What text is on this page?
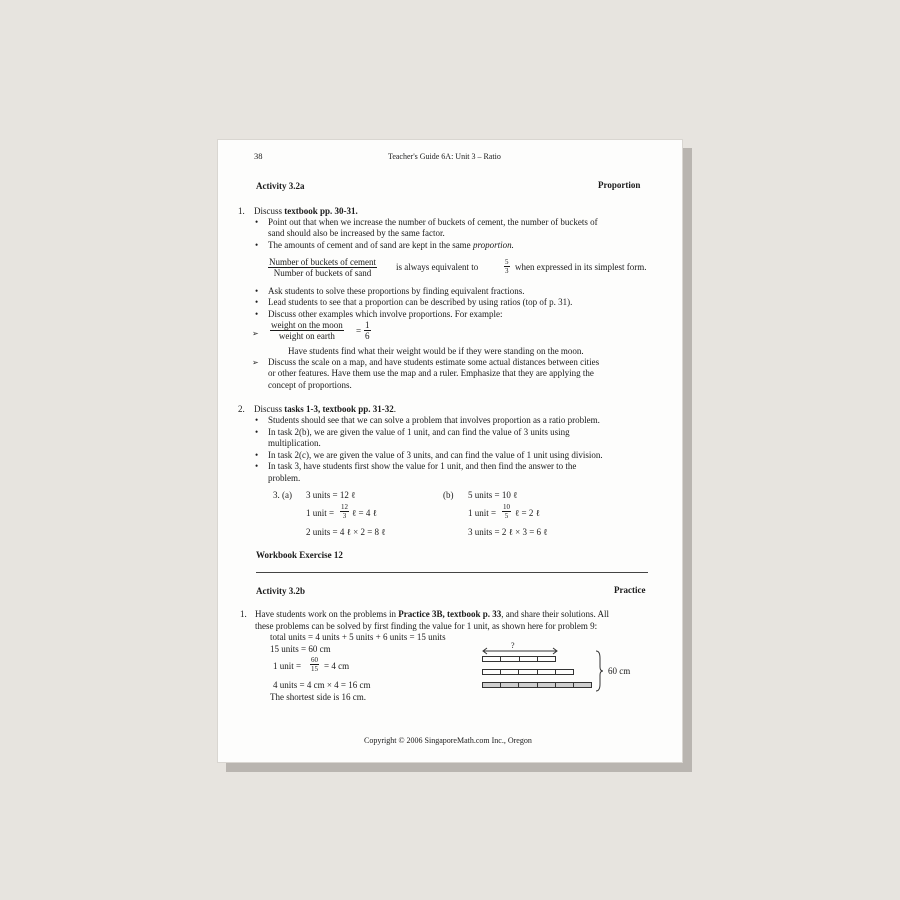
38	Teacher's Guide 6A: Unit 3 – Ratio
Activity 3.2a	Proportion
1. Discuss textbook pp. 30-31.
• Point out that when we increase the number of buckets of cement, the number of buckets of
sand should also be increased by the same factor.
• The amounts of cement and of sand are kept in the same proportion.
Number of buckets of cement
Number of buckets of sand
is always equivalent to	$\frac{5}{3}$ when expressed in its simplest form.
• Ask students to solve these proportions by finding equivalent fractions.
• Lead students to see that a proportion can be described by using ratios (top of p. 31).
• Discuss other examples which involve proportions. For example:
weight on the moon
weight on earth = $\frac{1}{6}$
Have students find what their weight would be if they were standing on the moon.
➢ Discuss the scale on a map, and have students estimate some actual distances between cities
or other features. Have them use the map and a ruler. Emphasize that they are applying the
concept of proportions.
2. Discuss tasks 1-3, textbook pp. 31-32.
• Students should see that we can solve a problem that involves proportion as a ratio problem.
• In task 2(b), we are given the value of 1 unit, and can find the value of 3 units using
multiplication.
• In task 2(c), we are given the value of 3 units, and can find the value of 1 unit using division.
• In task 3, have students first show the value for 1 unit, and then find the answer to the
problem.
3. (a) 3 units = 12 ℓ
1 unit = $\frac{12}{3}$ ℓ = 4 ℓ
2 units = 4 ℓ × 2 = 8 ℓ
(b) 5 units = 10 ℓ
1 unit = $\frac{10}{5}$ ℓ = 2 ℓ
3 units = 2 ℓ × 3 = 6 ℓ
Workbook Exercise 12
Activity 3.2b	Practice
1. Have students work on the problems in Practice 3B, textbook p. 33, and share their solutions. All
these problems can be solved by first finding the value for 1 unit, as shown here for problem 9:
total units = 4 units + 5 units + 6 units = 15 units
15 units = 60 cm
1 unit = $\frac{60}{15} = 4$ cm
4 units = 4 cm × 4 = 16 cm
The shortest side is 16 cm.
?
60 cm
Copyright © 2006 SingaporeMath.com Inc., Oregon
